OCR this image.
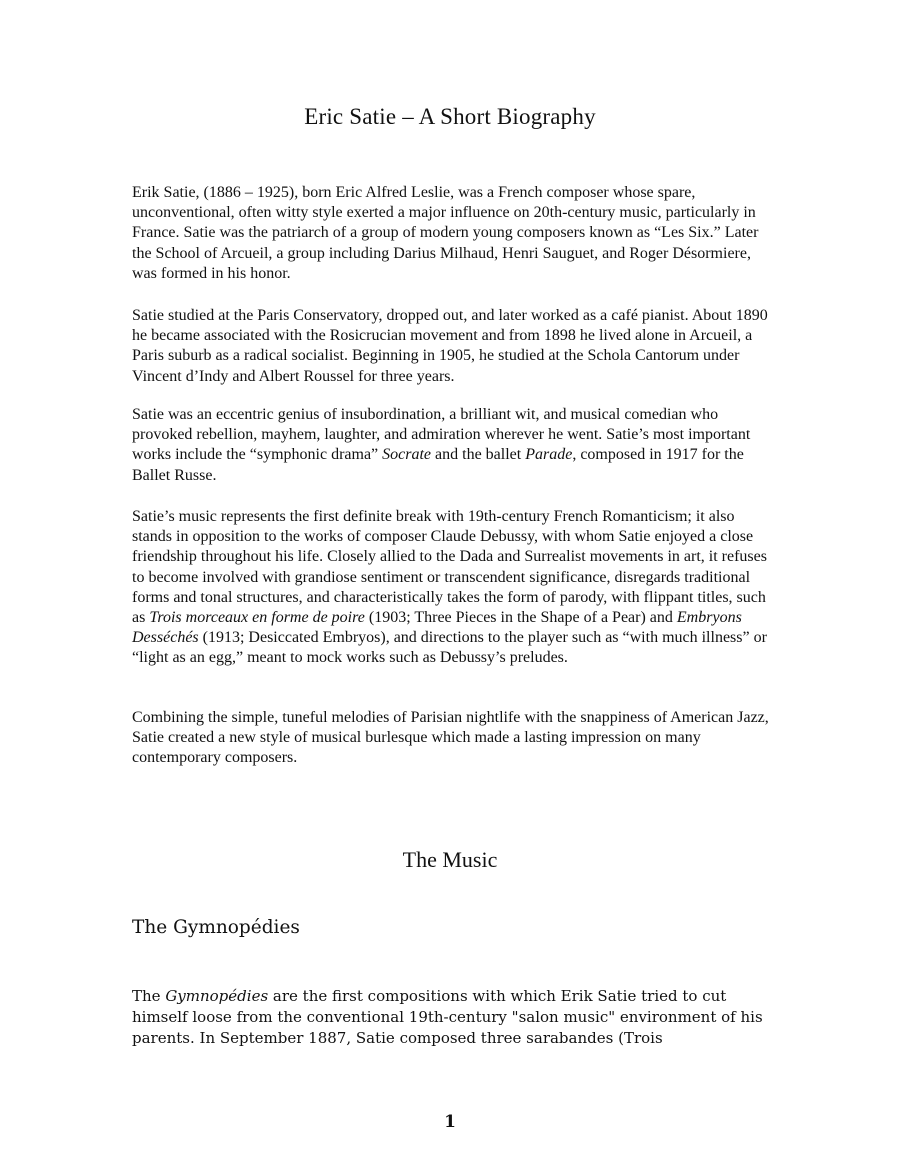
Eric Satie – A Short Biography

Erik Satie, (1886 – 1925), born Eric Alfred Leslie, was a French composer whose spare, unconventional, often witty style exerted a major influence on 20th-century music, particularly in France. Satie was the patriarch of a group of modern young composers known as “Les Six.” Later the School of Arcueil, a group including Darius Milhaud, Henri Sauguet, and Roger Désormiere, was formed in his honor.

Satie studied at the Paris Conservatory, dropped out, and later worked as a café pianist. About 1890 he became associated with the Rosicrucian movement and from 1898 he lived alone in Arcueil, a Paris suburb as a radical socialist. Beginning in 1905, he studied at the Schola Cantorum under Vincent d’Indy and Albert Roussel for three years.

Satie was an eccentric genius of insubordination, a brilliant wit, and musical comedian who provoked rebellion, mayhem, laughter, and admiration wherever he went. Satie’s most important works include the “symphonic drama” Socrate and the ballet Parade, composed in 1917 for the Ballet Russe.

Satie’s music represents the first definite break with 19th-century French Romanticism; it also stands in opposition to the works of composer Claude Debussy, with whom Satie enjoyed a close friendship throughout his life. Closely allied to the Dada and Surrealist movements in art, it refuses to become involved with grandiose sentiment or transcendent significance, disregards traditional forms and tonal structures, and characteristically takes the form of parody, with flippant titles, such as Trois morceaux en forme de poire (1903; Three Pieces in the Shape of a Pear) and Embryons Desséchés (1913; Desiccated Embryos), and directions to the player such as “with much illness” or “light as an egg,” meant to mock works such as Debussy’s preludes.

Combining the simple, tuneful melodies of Parisian nightlife with the snappiness of American Jazz, Satie created a new style of musical burlesque which made a lasting impression on many contemporary composers.

The Music
The Gymnopédies

The Gymnopédies are the first compositions with which Erik Satie tried to cut himself loose from the conventional 19th-century "salon music" environment of his parents. In September 1887, Satie composed three sarabandes (Trois

1
